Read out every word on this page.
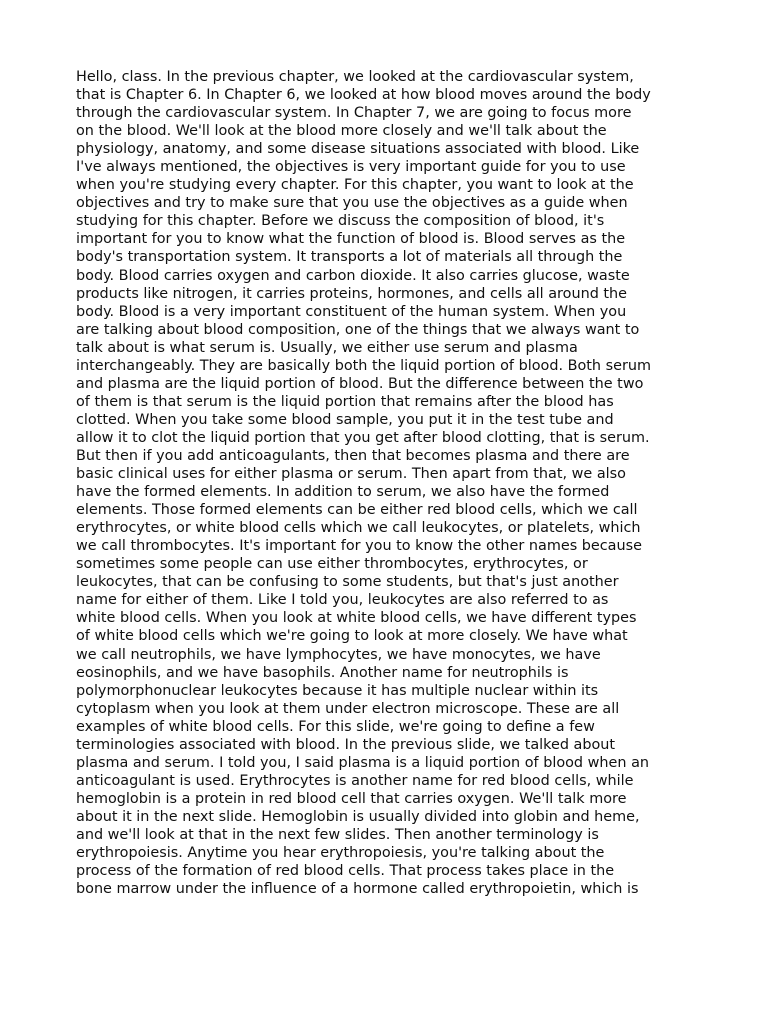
Hello, class. In the previous chapter, we looked at the cardiovascular system,

that is Chapter 6. In Chapter 6, we looked at how blood moves around the body

through the cardiovascular system. In Chapter 7, we are going to focus more

on the blood. We'll look at the blood more closely and we'll talk about the

physiology, anatomy, and some disease situations associated with blood. Like

I've always mentioned, the objectives is very important guide for you to use

when you're studying every chapter. For this chapter, you want to look at the

objectives and try to make sure that you use the objectives as a guide when

studying for this chapter. Before we discuss the composition of blood, it's

important for you to know what the function of blood is. Blood serves as the

body's transportation system. It transports a lot of materials all through the

body. Blood carries oxygen and carbon dioxide. It also carries glucose, waste

products like nitrogen, it carries proteins, hormones, and cells all around the

body. Blood is a very important constituent of the human system. When you

are talking about blood composition, one of the things that we always want to

talk about is what serum is. Usually, we either use serum and plasma

interchangeably. They are basically both the liquid portion of blood. Both serum

and plasma are the liquid portion of blood. But the difference between the two

of them is that serum is the liquid portion that remains after the blood has

clotted. When you take some blood sample, you put it in the test tube and

allow it to clot the liquid portion that you get after blood clotting, that is serum.

But then if you add anticoagulants, then that becomes plasma and there are

basic clinical uses for either plasma or serum. Then apart from that, we also

have the formed elements. In addition to serum, we also have the formed

elements. Those formed elements can be either red blood cells, which we call

erythrocytes, or white blood cells which we call leukocytes, or platelets, which

we call thrombocytes. It's important for you to know the other names because

sometimes some people can use either thrombocytes, erythrocytes, or

leukocytes, that can be confusing to some students, but that's just another

name for either of them. Like I told you, leukocytes are also referred to as

white blood cells. When you look at white blood cells, we have different types

of white blood cells which we're going to look at more closely. We have what

we call neutrophils, we have lymphocytes, we have monocytes, we have

eosinophils, and we have basophils. Another name for neutrophils is

polymorphonuclear leukocytes because it has multiple nuclear within its

cytoplasm when you look at them under electron microscope. These are all

examples of white blood cells. For this slide, we're going to define a few

terminologies associated with blood. In the previous slide, we talked about

plasma and serum. I told you, I said plasma is a liquid portion of blood when an

anticoagulant is used. Erythrocytes is another name for red blood cells, while

hemoglobin is a protein in red blood cell that carries oxygen. We'll talk more

about it in the next slide. Hemoglobin is usually divided into globin and heme,

and we'll look at that in the next few slides. Then another terminology is

erythropoiesis. Anytime you hear erythropoiesis, you're talking about the

process of the formation of red blood cells. That process takes place in the

bone marrow under the influence of a hormone called erythropoietin, which is
